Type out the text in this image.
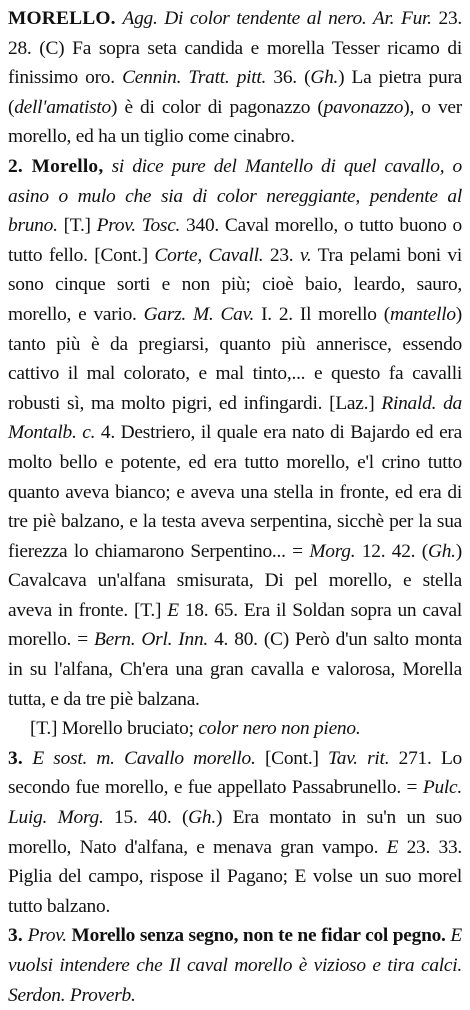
MORELLO. Agg. Di color tendente al nero. Ar. Fur. 23. 28. (C) Fa sopra seta candida e morella Tesser ricamo di finissimo oro. Cennin. Tratt. pitt. 36. (Gh.) La pietra pura (dell'amatisto) è di color di pagonazzo (pavonazzo), o ver morello, ed ha un tiglio come cinabro.

2. Morello, si dice pure del Mantello di quel cavallo, o asino o mulo che sia di color nereggiante, pendente al bruno. [T.] Prov. Tosc. 340. Caval morello, o tutto buono o tutto fello. [Cont.] Corte, Cavall. 23. v. Tra pelami boni vi sono cinque sorti e non più; cioè baio, leardo, sauro, morello, e vario. Garz. M. Cav. I. 2. Il morello (mantello) tanto più è da pregiarsi, quanto più annerisce, essendo cattivo il mal colorato, e mal tinto,... e questo fa cavalli robusti sì, ma molto pigri, ed infingardi. [Laz.] Rinald. da Montalb. c. 4. Destriero, il quale era nato di Bajardo ed era molto bello e potente, ed era tutto morello, e'l crino tutto quanto aveva bianco; e aveva una stella in fronte, ed era di tre piè balzano, e la testa aveva serpentina, sicchè per la sua fierezza lo chiamarono Serpentino... = Morg. 12. 42. (Gh.) Cavalcava un'alfana smisurata, Di pel morello, e stella aveva in fronte. [T.] E 18. 65. Era il Soldan sopra un caval morello. = Bern. Orl. Inn. 4. 80. (C) Però d'un salto monta in su l'alfana, Ch'era una gran cavalla e valorosa, Morella tutta, e da tre piè balzana.

[T.] Morello bruciato; color nero non pieno.

3. E sost. m. Cavallo morello. [Cont.] Tav. rit. 271. Lo secondo fue morello, e fue appellato Passabrunello. = Pulc. Luig. Morg. 15. 40. (Gh.) Era montato in su'n un suo morello, Nato d'alfana, e menava gran vampo. E 23. 33. Piglia del campo, rispose il Pagano; E volse un suo morel tutto balzano.

3. Prov. Morello senza segno, non te ne fidar col pegno. E vuolsi intendere che Il caval morello è vizioso e tira calci. Serdon. Proverb.
